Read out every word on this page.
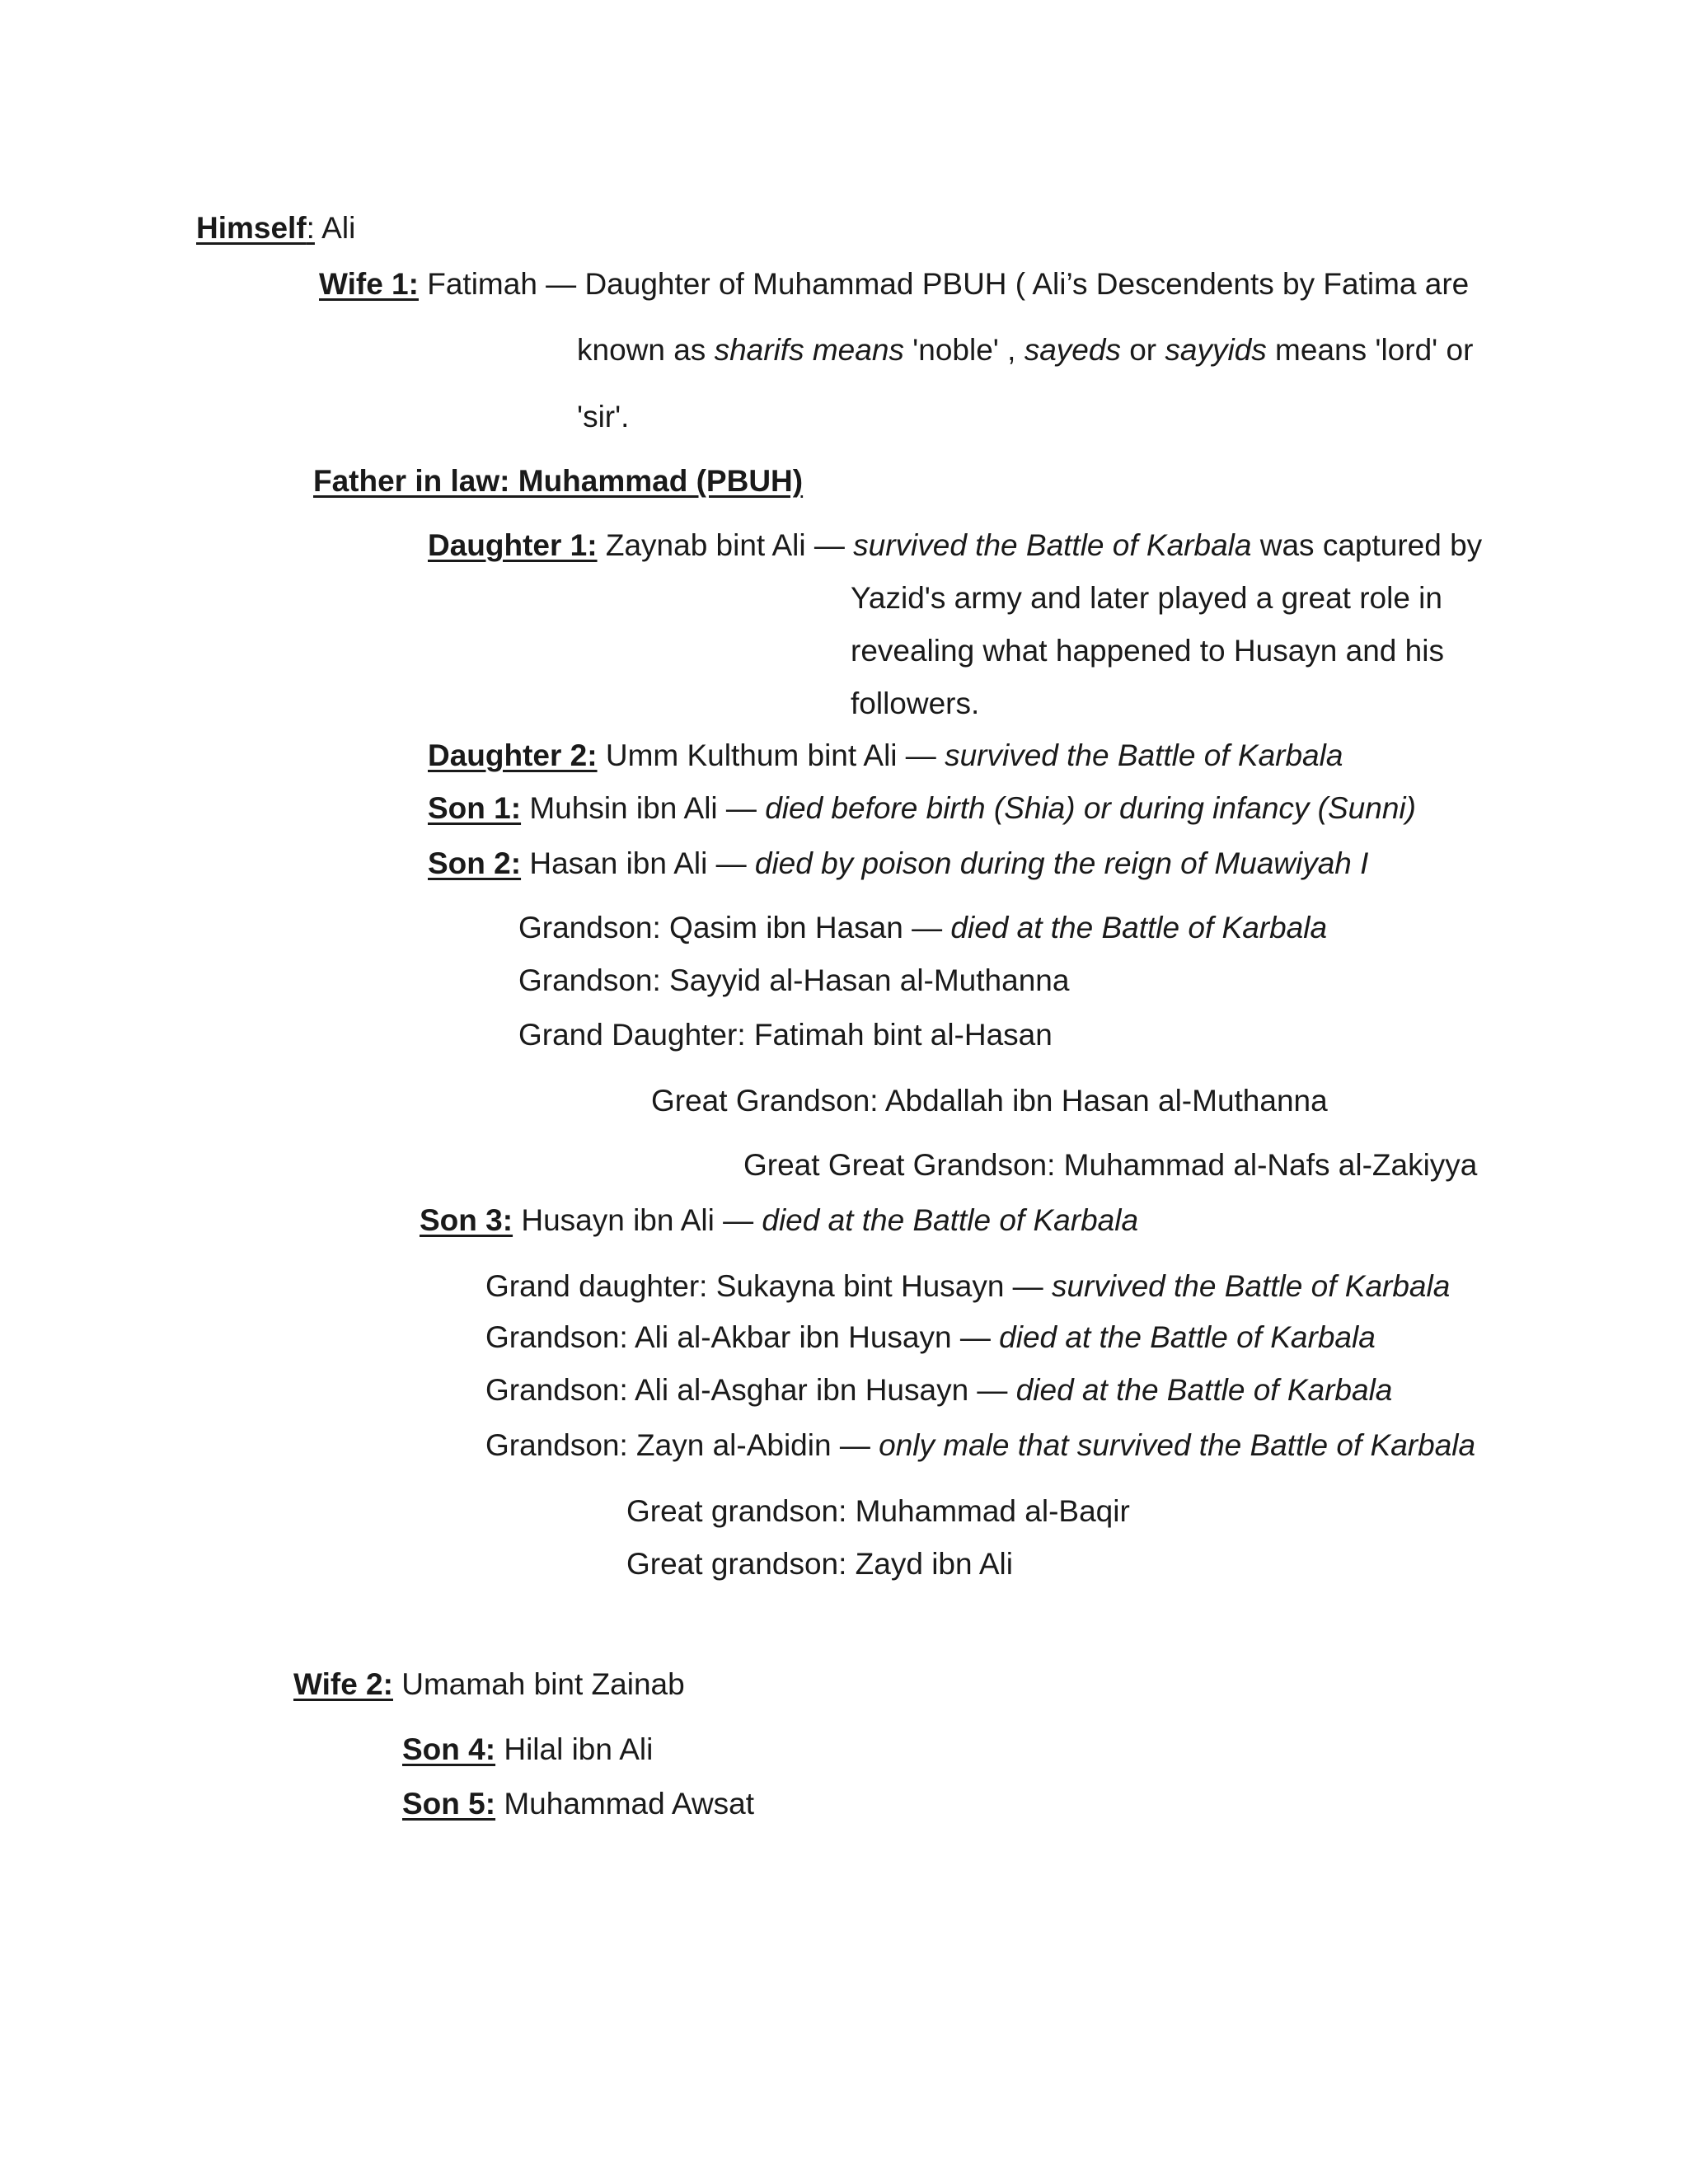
Himself: Ali
Wife 1: Fatimah — Daughter of Muhammad PBUH ( Ali’s Descendents by Fatima are
known as sharifs means 'noble' , sayeds or sayyids means 'lord' or
'sir'.
Father in law: Muhammad (PBUH)
Daughter 1: Zaynab bint Ali — survived the Battle of Karbala was captured by
Yazid's army and later played a great role in
revealing what happened to Husayn and his
followers.
Daughter 2: Umm Kulthum bint Ali — survived the Battle of Karbala
Son 1: Muhsin ibn Ali — died before birth (Shia) or during infancy (Sunni)
Son 2: Hasan ibn Ali — died by poison during the reign of Muawiyah I
Grandson: Qasim ibn Hasan — died at the Battle of Karbala
Grandson: Sayyid al-Hasan al-Muthanna
Grand Daughter: Fatimah bint al-Hasan
Great Grandson: Abdallah ibn Hasan al-Muthanna
Great Great Grandson: Muhammad al-Nafs al-Zakiyya
Son 3: Husayn ibn Ali — died at the Battle of Karbala
Grand daughter: Sukayna bint Husayn — survived the Battle of Karbala
Grandson: Ali al-Akbar ibn Husayn — died at the Battle of Karbala
Grandson: Ali al-Asghar ibn Husayn — died at the Battle of Karbala
Grandson: Zayn al-Abidin — only male that survived the Battle of Karbala
Great grandson: Muhammad al-Baqir
Great grandson: Zayd ibn Ali
Wife 2: Umamah bint Zainab
Son 4: Hilal ibn Ali
Son 5: Muhammad Awsat
